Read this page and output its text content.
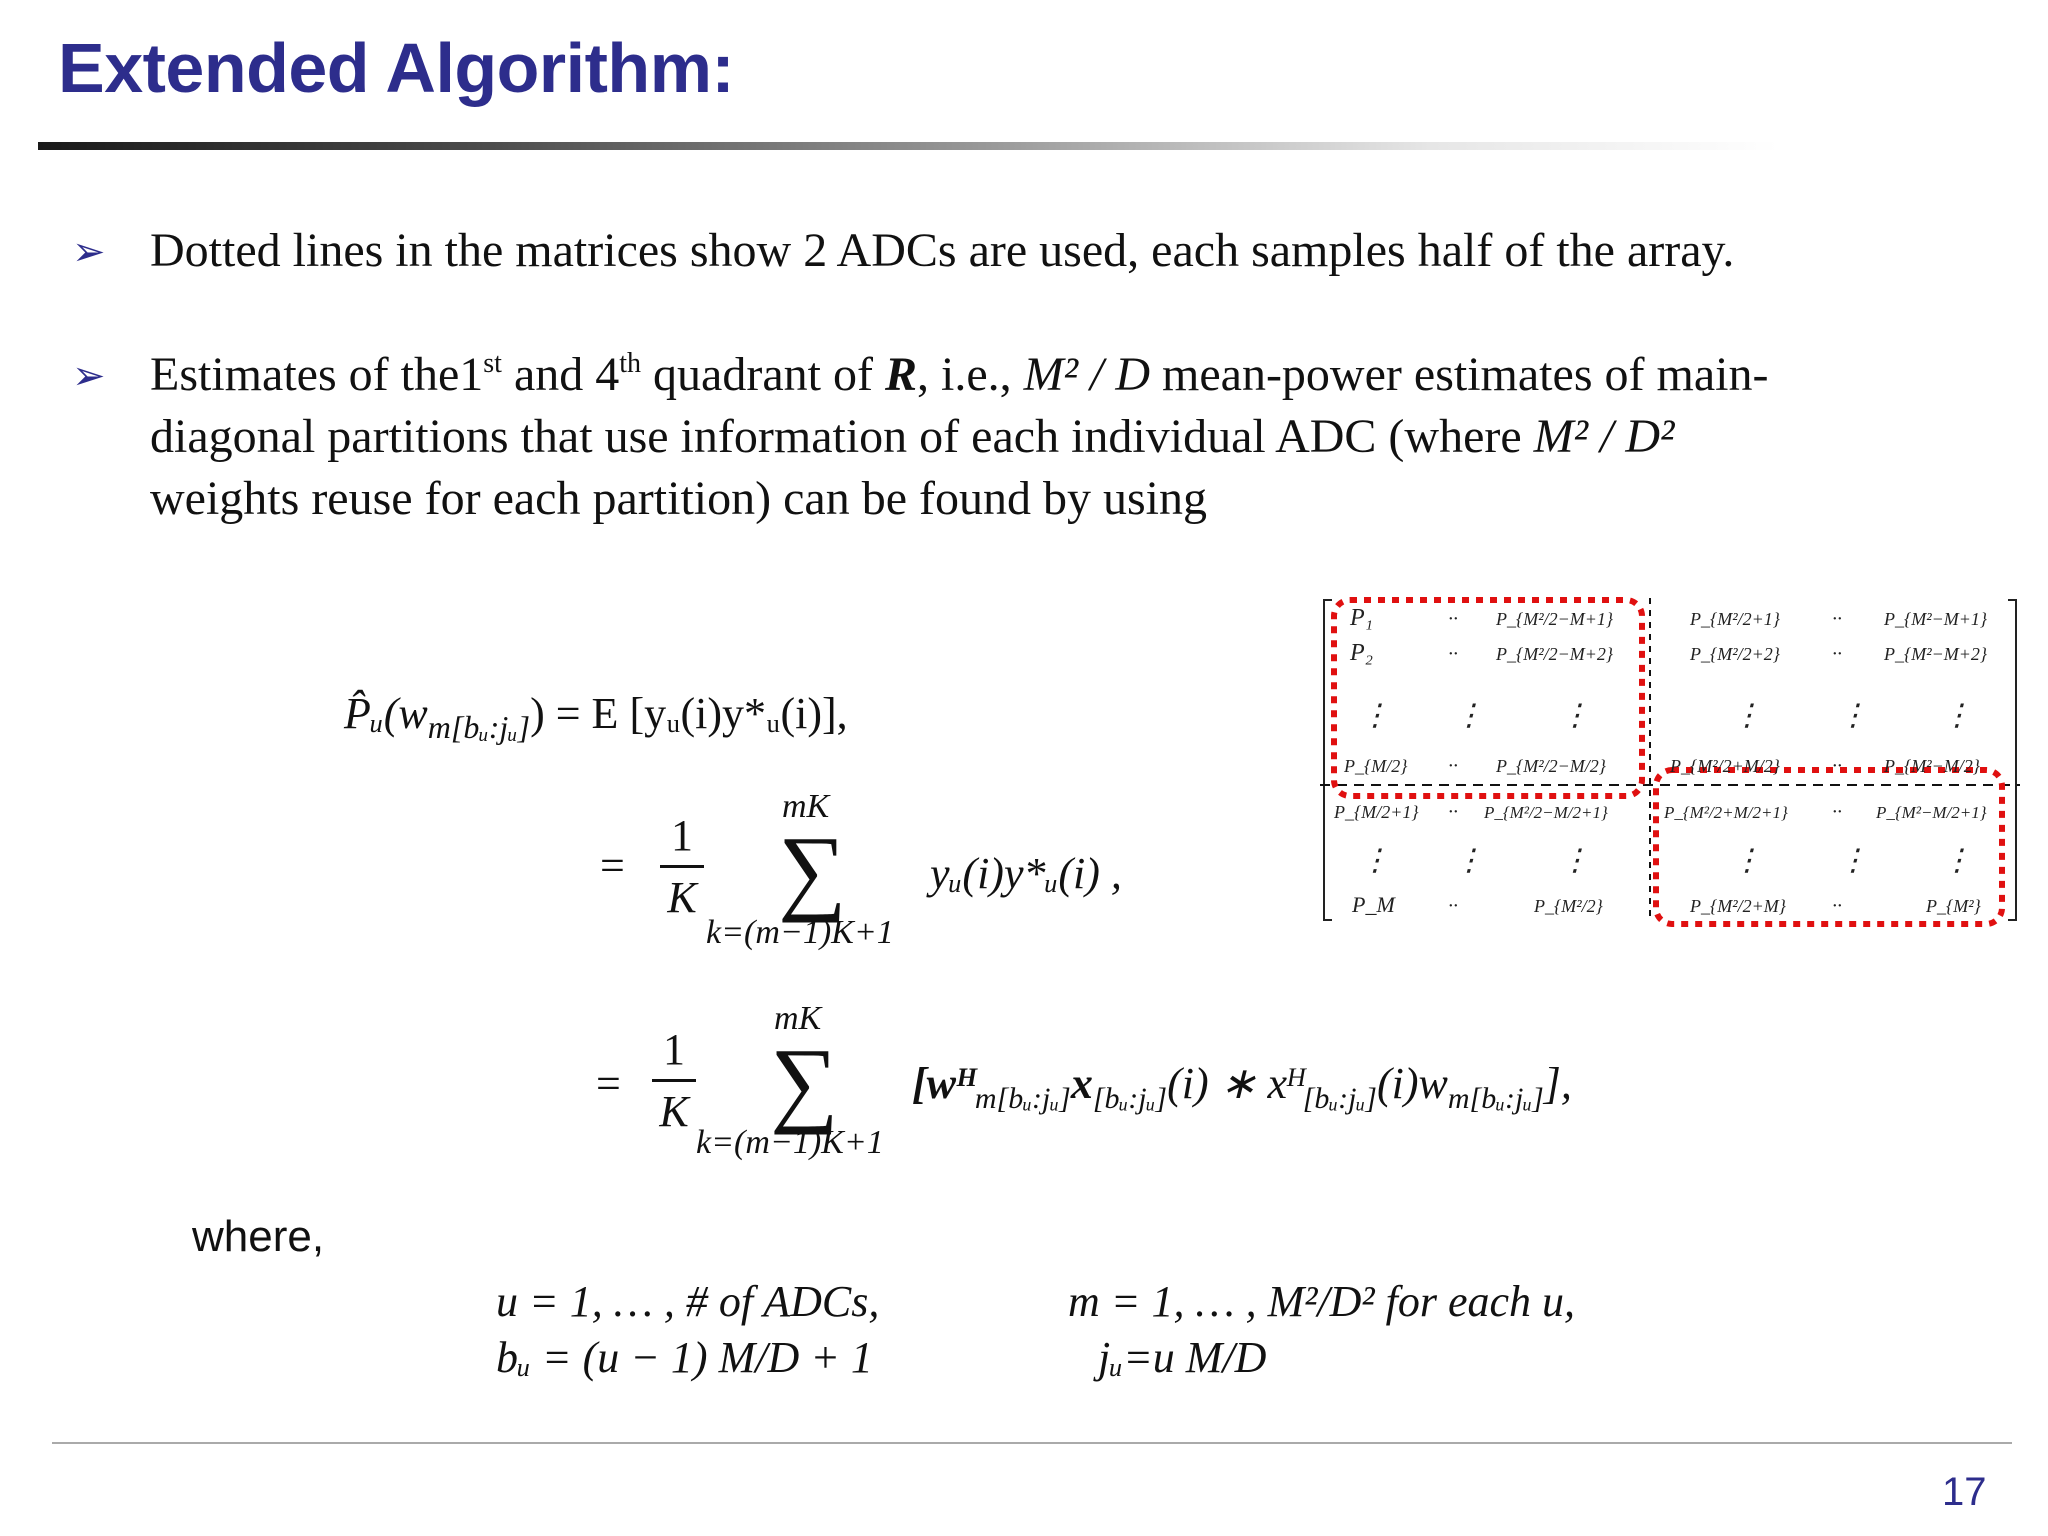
Extended Algorithm:
➢ Dotted lines in the matrices show 2 ADCs are used, each samples half of the array.
➢ Estimates of the1st and 4th quadrant of R, i.e., M² / D mean-power estimates of main-
diagonal partitions that use information of each individual ADC (where M² / D²
weights reuse for each partition) can be found by using
$P̂ᵤ(w_{m[bᵤ:jᵤ]}) = E$ [yᵤ(i)y*ᵤ(i)],
=
1
K
mK
∑
k=(m−1)K+1
yᵤ(i)y*ᵤ(i) ,
=
1
K
mK
∑
k=(m−1)K+1
[$wᴴ_{m[bᵤ:jᵤ]}x_{[bᵤ:jᵤ]}(i)$ ∗ $xᴴ_{[bᵤ:jᵤ]}(i)w_{m[bᵤ:jᵤ]}$],
P₁	·· P_{M²/2−M+1}	P_{M²/2+1}	·· P_{M²−M+1}
P₂	·· P_{M²/2−M+2}	P_{M²/2+2}	·· P_{M²−M+2}
⋮ ⋮	⋮	⋮	⋮ ⋮
P_{M/2} ·· P_{M²/2−M/2}	P_{M²/2+M/2}	·· P_{M²−M/2}
P_{M/2+1} ·· P_{M²/2−M/2+1}	P_{M²/2+M/2+1} ·· P_{M²−M/2+1}
⋮ ⋮	⋮	⋮	⋮ ⋮
P_M	··	P_{M²/2}	P_{M²/2+M} ··	P_{M²}
where,
u = 1, … , # of ADCs,
bᵤ = (u − 1) M/D + 1
m = 1, … , M²/D² for each u,
jᵤ=u M/D
17
